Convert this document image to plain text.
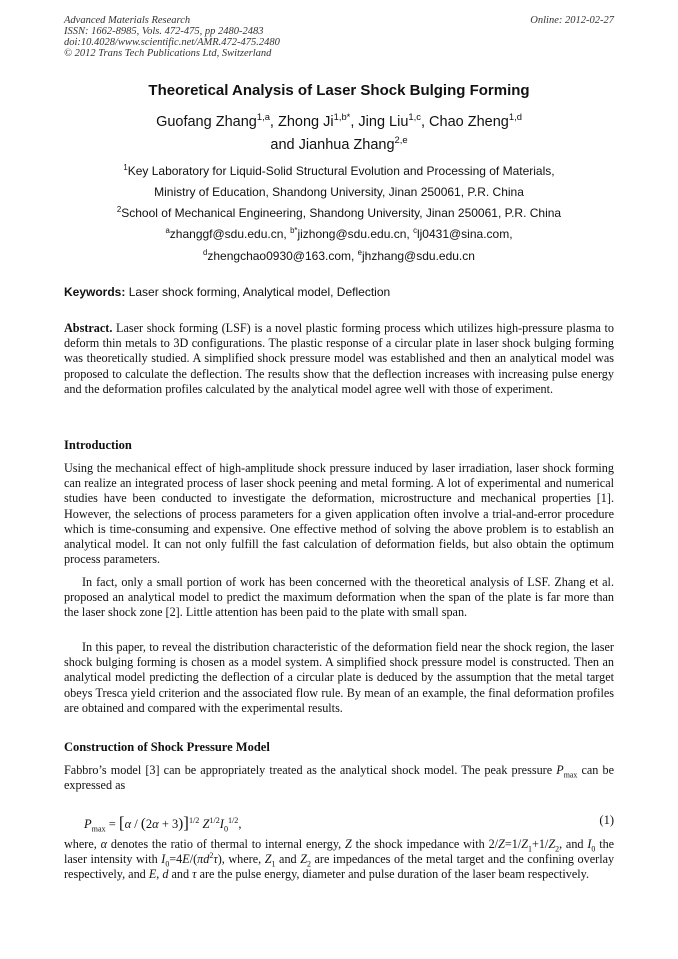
Advanced Materials Research
ISSN: 1662-8985, Vols. 472-475, pp 2480-2483
doi:10.4028/www.scientific.net/AMR.472-475.2480
© 2012 Trans Tech Publications Ltd, Switzerland
Online: 2012-02-27
Theoretical Analysis of Laser Shock Bulging Forming
Guofang Zhang$^{1,a}$, Zhong $Ji^{1,b*}$, Jing Liu$^{1,c}$, Chao Zheng$^{1,d}$
and Jianhua Zhang$^{2,e}$
$^1$Key Laboratory for Liquid-Solid Structural Evolution and Processing of Materials,
Ministry of Education, Shandong University, Jinan 250061, P.R. China
$^2$School of Mechanical Engineering, Shandong University, Jinan 250061, P.R. China
$^a$zhanggf@sdu.edu.cn, $^{b*}$jizhong@sdu.edu.cn, $^c$lj0431@sina.com,
$^d$zhengchao0930@163.com, $^e$jhzhang@sdu.edu.cn
Keywords: Laser shock forming, Analytical model, Deflection
Abstract. Laser shock forming (LSF) is a novel plastic forming process which utilizes high-pressure plasma to deform thin metals to 3D configurations. The plastic response of a circular plate in laser shock bulging forming was theoretically studied. A simplified shock pressure model was established and then an analytical model was proposed to calculate the deflection. The results show that the deflection increases with increasing pulse energy and the deformation profiles calculated by the analytical model agree well with those of experiment.
Introduction
Using the mechanical effect of high-amplitude shock pressure induced by laser irradiation, laser shock forming can realize an integrated process of laser shock peening and metal forming. A lot of experimental and numerical studies have been conducted to investigate the deformation, microstructure and mechanical properties [1]. However, the selections of process parameters for a given application often involve a trial-and-error procedure which is time-consuming and expensive. One effective method of solving the above problem is to establish an analytical model. It can not only fulfill the fast calculation of deformation fields, but also obtain the optimum process parameters.
In fact, only a small portion of work has been concerned with the theoretical analysis of LSF. Zhang et al. proposed an analytical model to predict the maximum deformation when the span of the plate is far more than the laser shock zone [2]. Little attention has been paid to the plate with small span.
In this paper, to reveal the distribution characteristic of the deformation field near the shock region, the laser shock bulging forming is chosen as a model system. A simplified shock pressure model is constructed. Then an analytical model predicting the deflection of a circular plate is deduced by the assumption that the metal target obeys Tresca yield criterion and the associated flow rule. By mean of an example, the final deformation profiles are obtained and compared with the experimental results.
Construction of Shock Pressure Model
Fabbro’s model [3] can be appropriately treated as the analytical shock model. The peak pressure $P_{max}$ can be expressed as
$P_{max} = [\alpha / (2\alpha + 3)]^{1/2}$ $Z^{1/2}I_0^{1/2}$,	(1)
where, α denotes the ratio of thermal to internal energy, Z the shock impedance with $2/Z=1/Z_1+1/Z_2$, and $I_0$ the laser intensity with $I_0=4E/(\pi d^2\tau)$, where, $Z_1$ and $Z_2$ are impedances of the metal target and the confining overlay respectively, and E, d and τ are the pulse energy, diameter and pulse duration of the laser beam respectively.
